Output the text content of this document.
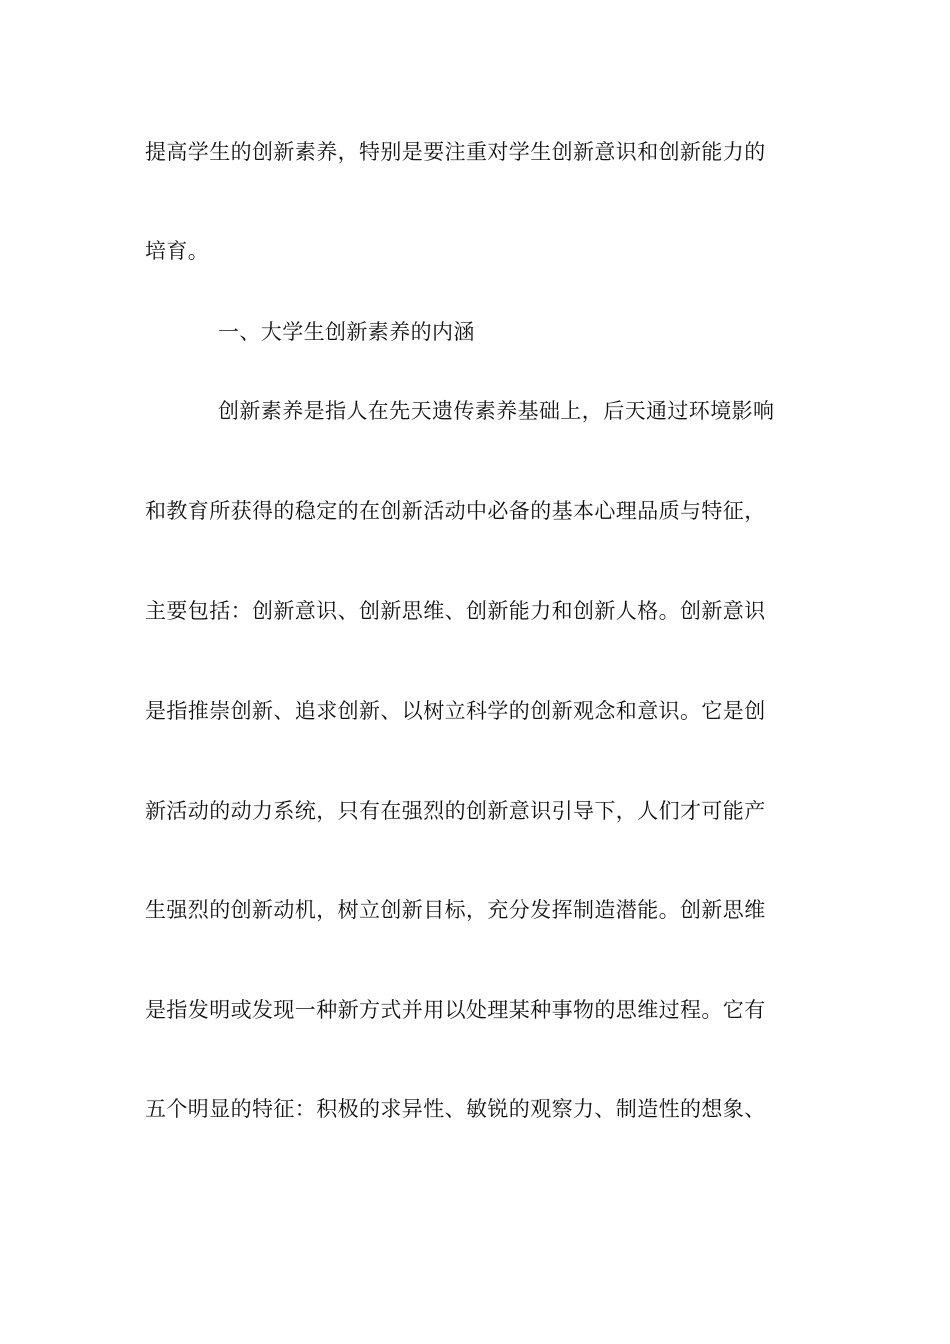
提高学生的创新素养，特别是要注重对学生创新意识和创新能力的
培育。
一、大学生创新素养的内涵
创新素养是指人在先天遗传素养基础上，后天通过环境影响
和教育所获得的稳定的在创新活动中必备的基本心理品质与特征，
主要包括：创新意识、创新思维、创新能力和创新人格。创新意识
是指推崇创新、追求创新、以树立科学的创新观念和意识。它是创
新活动的动力系统，只有在强烈的创新意识引导下，人们才可能产
生强烈的创新动机，树立创新目标，充分发挥制造潜能。创新思维
是指发明或发现一种新方式并用以处理某种事物的思维过程。它有
五个明显的特征：积极的求异性、敏锐的观察力、制造性的想象、
